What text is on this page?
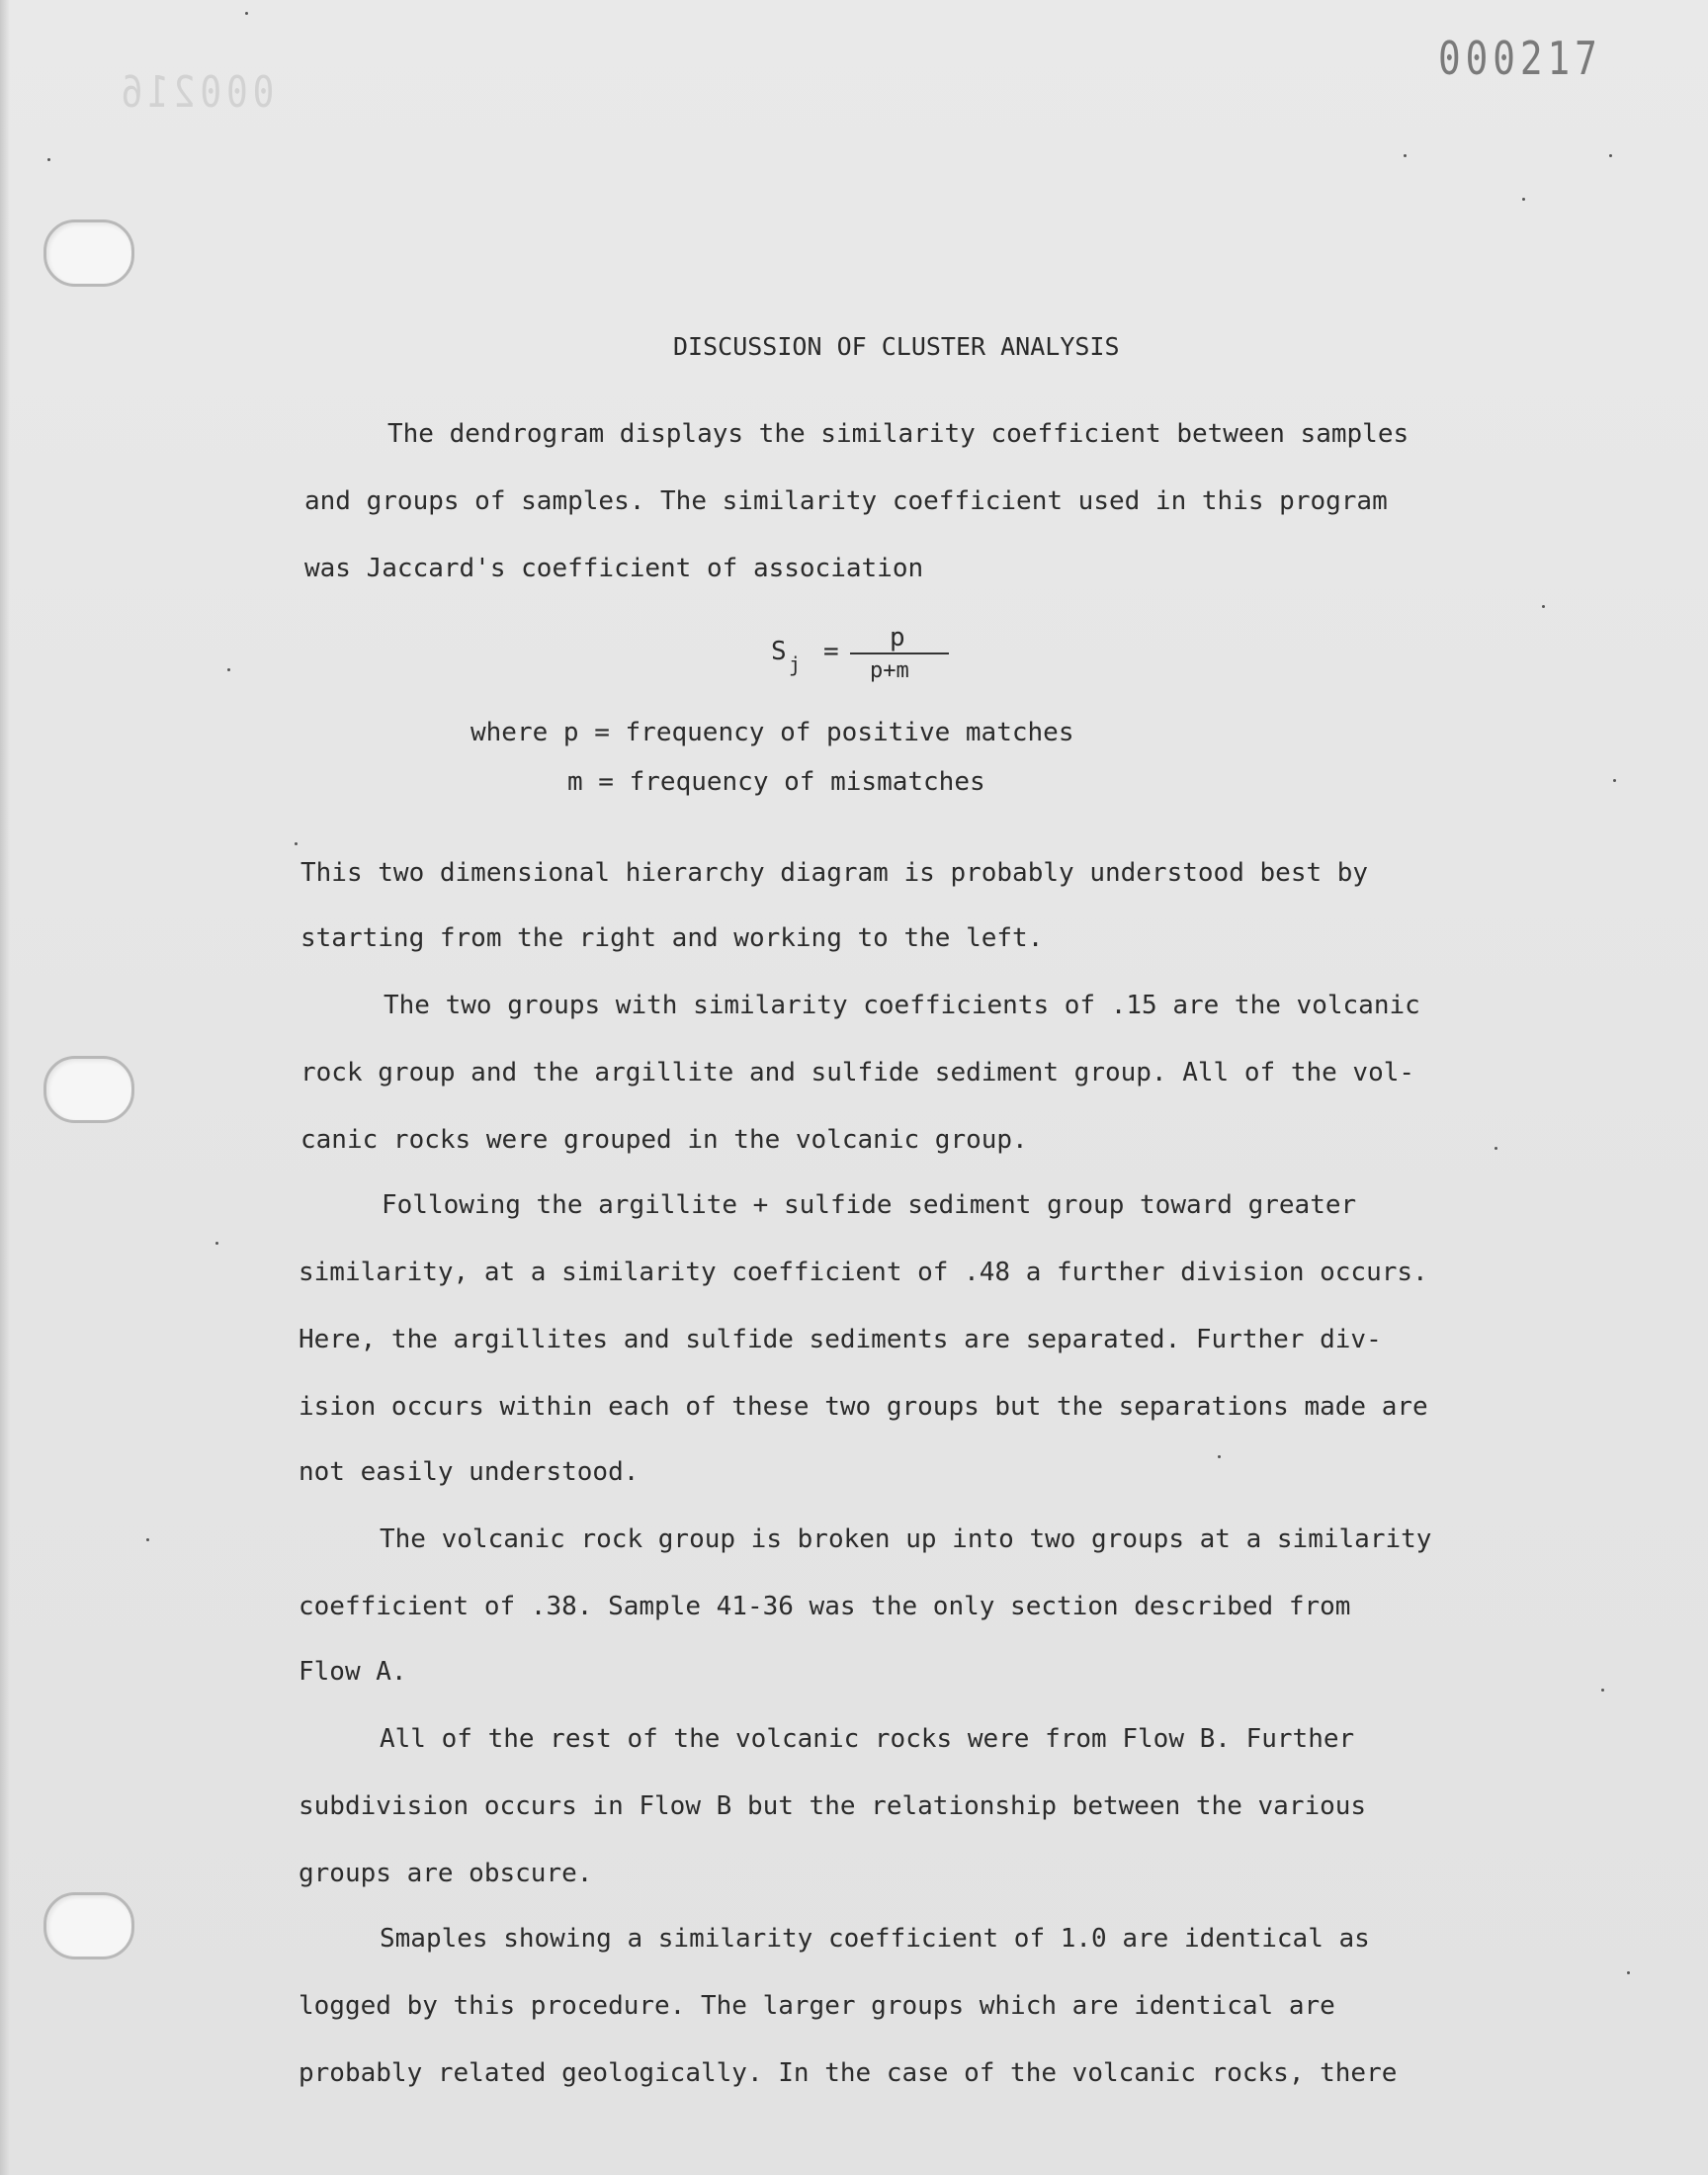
000216
000217
DISCUSSION OF CLUSTER ANALYSIS
The dendrogram displays the similarity coefficient between samples
and groups of samples. The similarity coefficient used in this program
was Jaccard's coefficient of association
S j = p
p+m
where p = frequency of positive matches
m = frequency of mismatches
This two dimensional hierarchy diagram is probably understood best by
starting from the right and working to the left.
The two groups with similarity coefficients of .15 are the volcanic
rock group and the argillite and sulfide sediment group. All of the vol-
canic rocks were grouped in the volcanic group.
Following the argillite + sulfide sediment group toward greater
similarity, at a similarity coefficient of .48 a further division occurs.
Here, the argillites and sulfide sediments are separated. Further div-
ision occurs within each of these two groups but the separations made are
not easily understood.
The volcanic rock group is broken up into two groups at a similarity
coefficient of .38. Sample 41-36 was the only section described from
Flow A.
All of the rest of the volcanic rocks were from Flow B. Further
subdivision occurs in Flow B but the relationship between the various
groups are obscure.
Smaples showing a similarity coefficient of 1.0 are identical as
logged by this procedure. The larger groups which are identical are
probably related geologically. In the case of the volcanic rocks, there
